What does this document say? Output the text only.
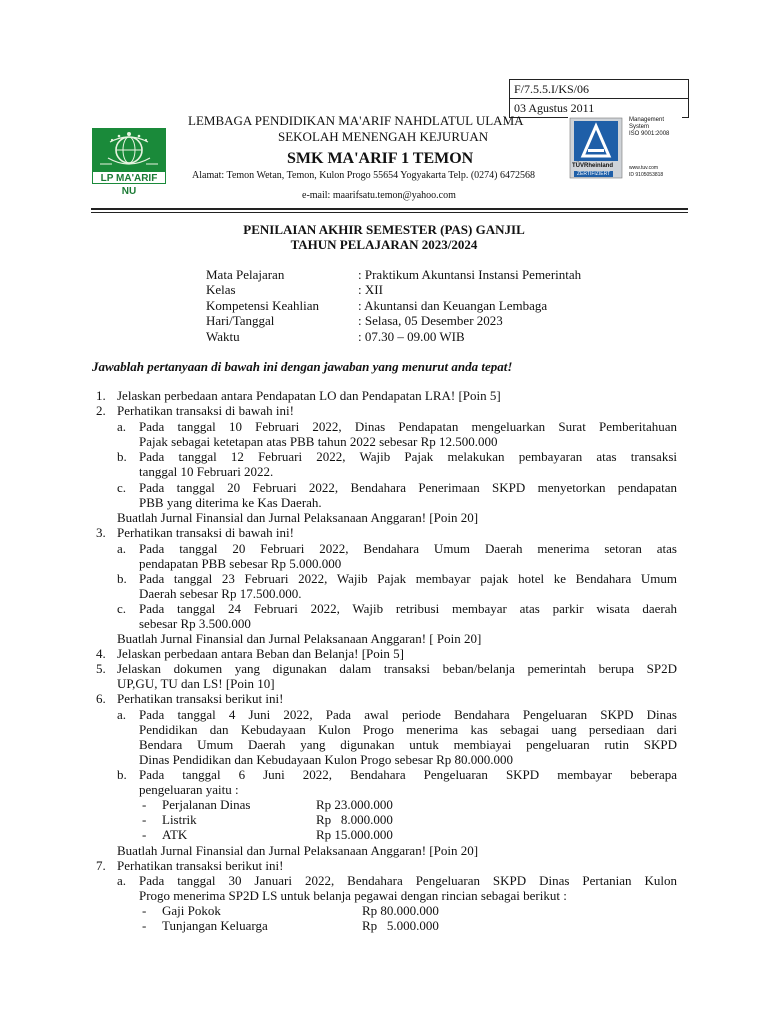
F/7.5.5.I/KS/06
03 Agustus 2011
LP MA'ARIF NU
LEMBAGA PENDIDIKAN MA'ARIF NAHDLATUL ULAMA
SEKOLAH MENENGAH KEJURUAN
SMK MA'ARIF 1 TEMON
Alamat: Temon Wetan, Temon, Kulon Progo 55654 Yogyakarta Telp. (0274) 6472568
e-mail: maarifsatu.temon@yahoo.com
TÜVRheinland
ZERTIFIZIERT
Management
System
ISO 9001:2008
www.tuv.com
ID 9105053818
PENILAIAN AKHIR SEMESTER (PAS) GANJIL
TAHUN PELAJARAN 2023/2024
Mata Pelajaran	: Praktikum Akuntansi Instansi Pemerintah
Kelas	: XII
Kompetensi Keahlian	: Akuntansi dan Keuangan Lembaga
Hari/Tanggal	: Selasa, 05 Desember 2023
Waktu	: 07.30 – 09.00 WIB
Jawablah pertanyaan di bawah ini dengan jawaban yang menurut anda tepat!
1. Jelaskan perbedaan antara Pendapatan LO dan Pendapatan LRA! [Poin 5]
2. Perhatikan transaksi di bawah ini!
a. Pada tanggal 10 Februari 2022, Dinas Pendapatan mengeluarkan Surat Pemberitahuan
Pajak sebagai ketetapan atas PBB tahun 2022 sebesar Rp 12.500.000
b. Pada tanggal 12 Februari 2022, Wajib Pajak melakukan pembayaran atas transaksi
tanggal 10 Februari 2022.
c. Pada tanggal 20 Februari 2022, Bendahara Penerimaan SKPD menyetorkan pendapatan
PBB yang diterima ke Kas Daerah.
Buatlah Jurnal Finansial dan Jurnal Pelaksanaan Anggaran! [Poin 20]
3. Perhatikan transaksi di bawah ini!
a. Pada tanggal 20 Februari 2022, Bendahara Umum Daerah menerima setoran atas
pendapatan PBB sebesar Rp 5.000.000
b. Pada tanggal 23 Februari 2022, Wajib Pajak membayar pajak hotel ke Bendahara Umum
Daerah sebesar Rp 17.500.000.
c. Pada tanggal 24 Februari 2022, Wajib retribusi membayar atas parkir wisata daerah
sebesar Rp 3.500.000
Buatlah Jurnal Finansial dan Jurnal Pelaksanaan Anggaran! [ Poin 20]
4. Jelaskan perbedaan antara Beban dan Belanja! [Poin 5]
5. Jelaskan dokumen yang digunakan dalam transaksi beban/belanja pemerintah berupa SP2D
UP,GU, TU dan LS! [Poin 10]
6. Perhatikan transaksi berikut ini!
a. Pada tanggal 4 Juni 2022, Pada awal periode Bendahara Pengeluaran SKPD Dinas
Pendidikan dan Kebudayaan Kulon Progo menerima kas sebagai uang persediaan dari
Bendara Umum Daerah yang digunakan untuk membiayai pengeluaran rutin SKPD
Dinas Pendidikan dan Kebudayaan Kulon Progo sebesar Rp 80.000.000
b. Pada tanggal 6 Juni 2022, Bendahara Pengeluaran SKPD membayar beberapa
pengeluaran yaitu :
- Perjalanan Dinas	Rp 23.000.000
- Listrik	Rp   8.000.000
- ATK	Rp 15.000.000
Buatlah Jurnal Finansial dan Jurnal Pelaksanaan Anggaran! [Poin 20]
7. Perhatikan transaksi berikut ini!
a. Pada tanggal 30 Januari 2022, Bendahara Pengeluaran SKPD Dinas Pertanian Kulon
Progo menerima SP2D LS untuk belanja pegawai dengan rincian sebagai berikut :
- Gaji Pokok	Rp 80.000.000
- Tunjangan Keluarga	Rp   5.000.000
